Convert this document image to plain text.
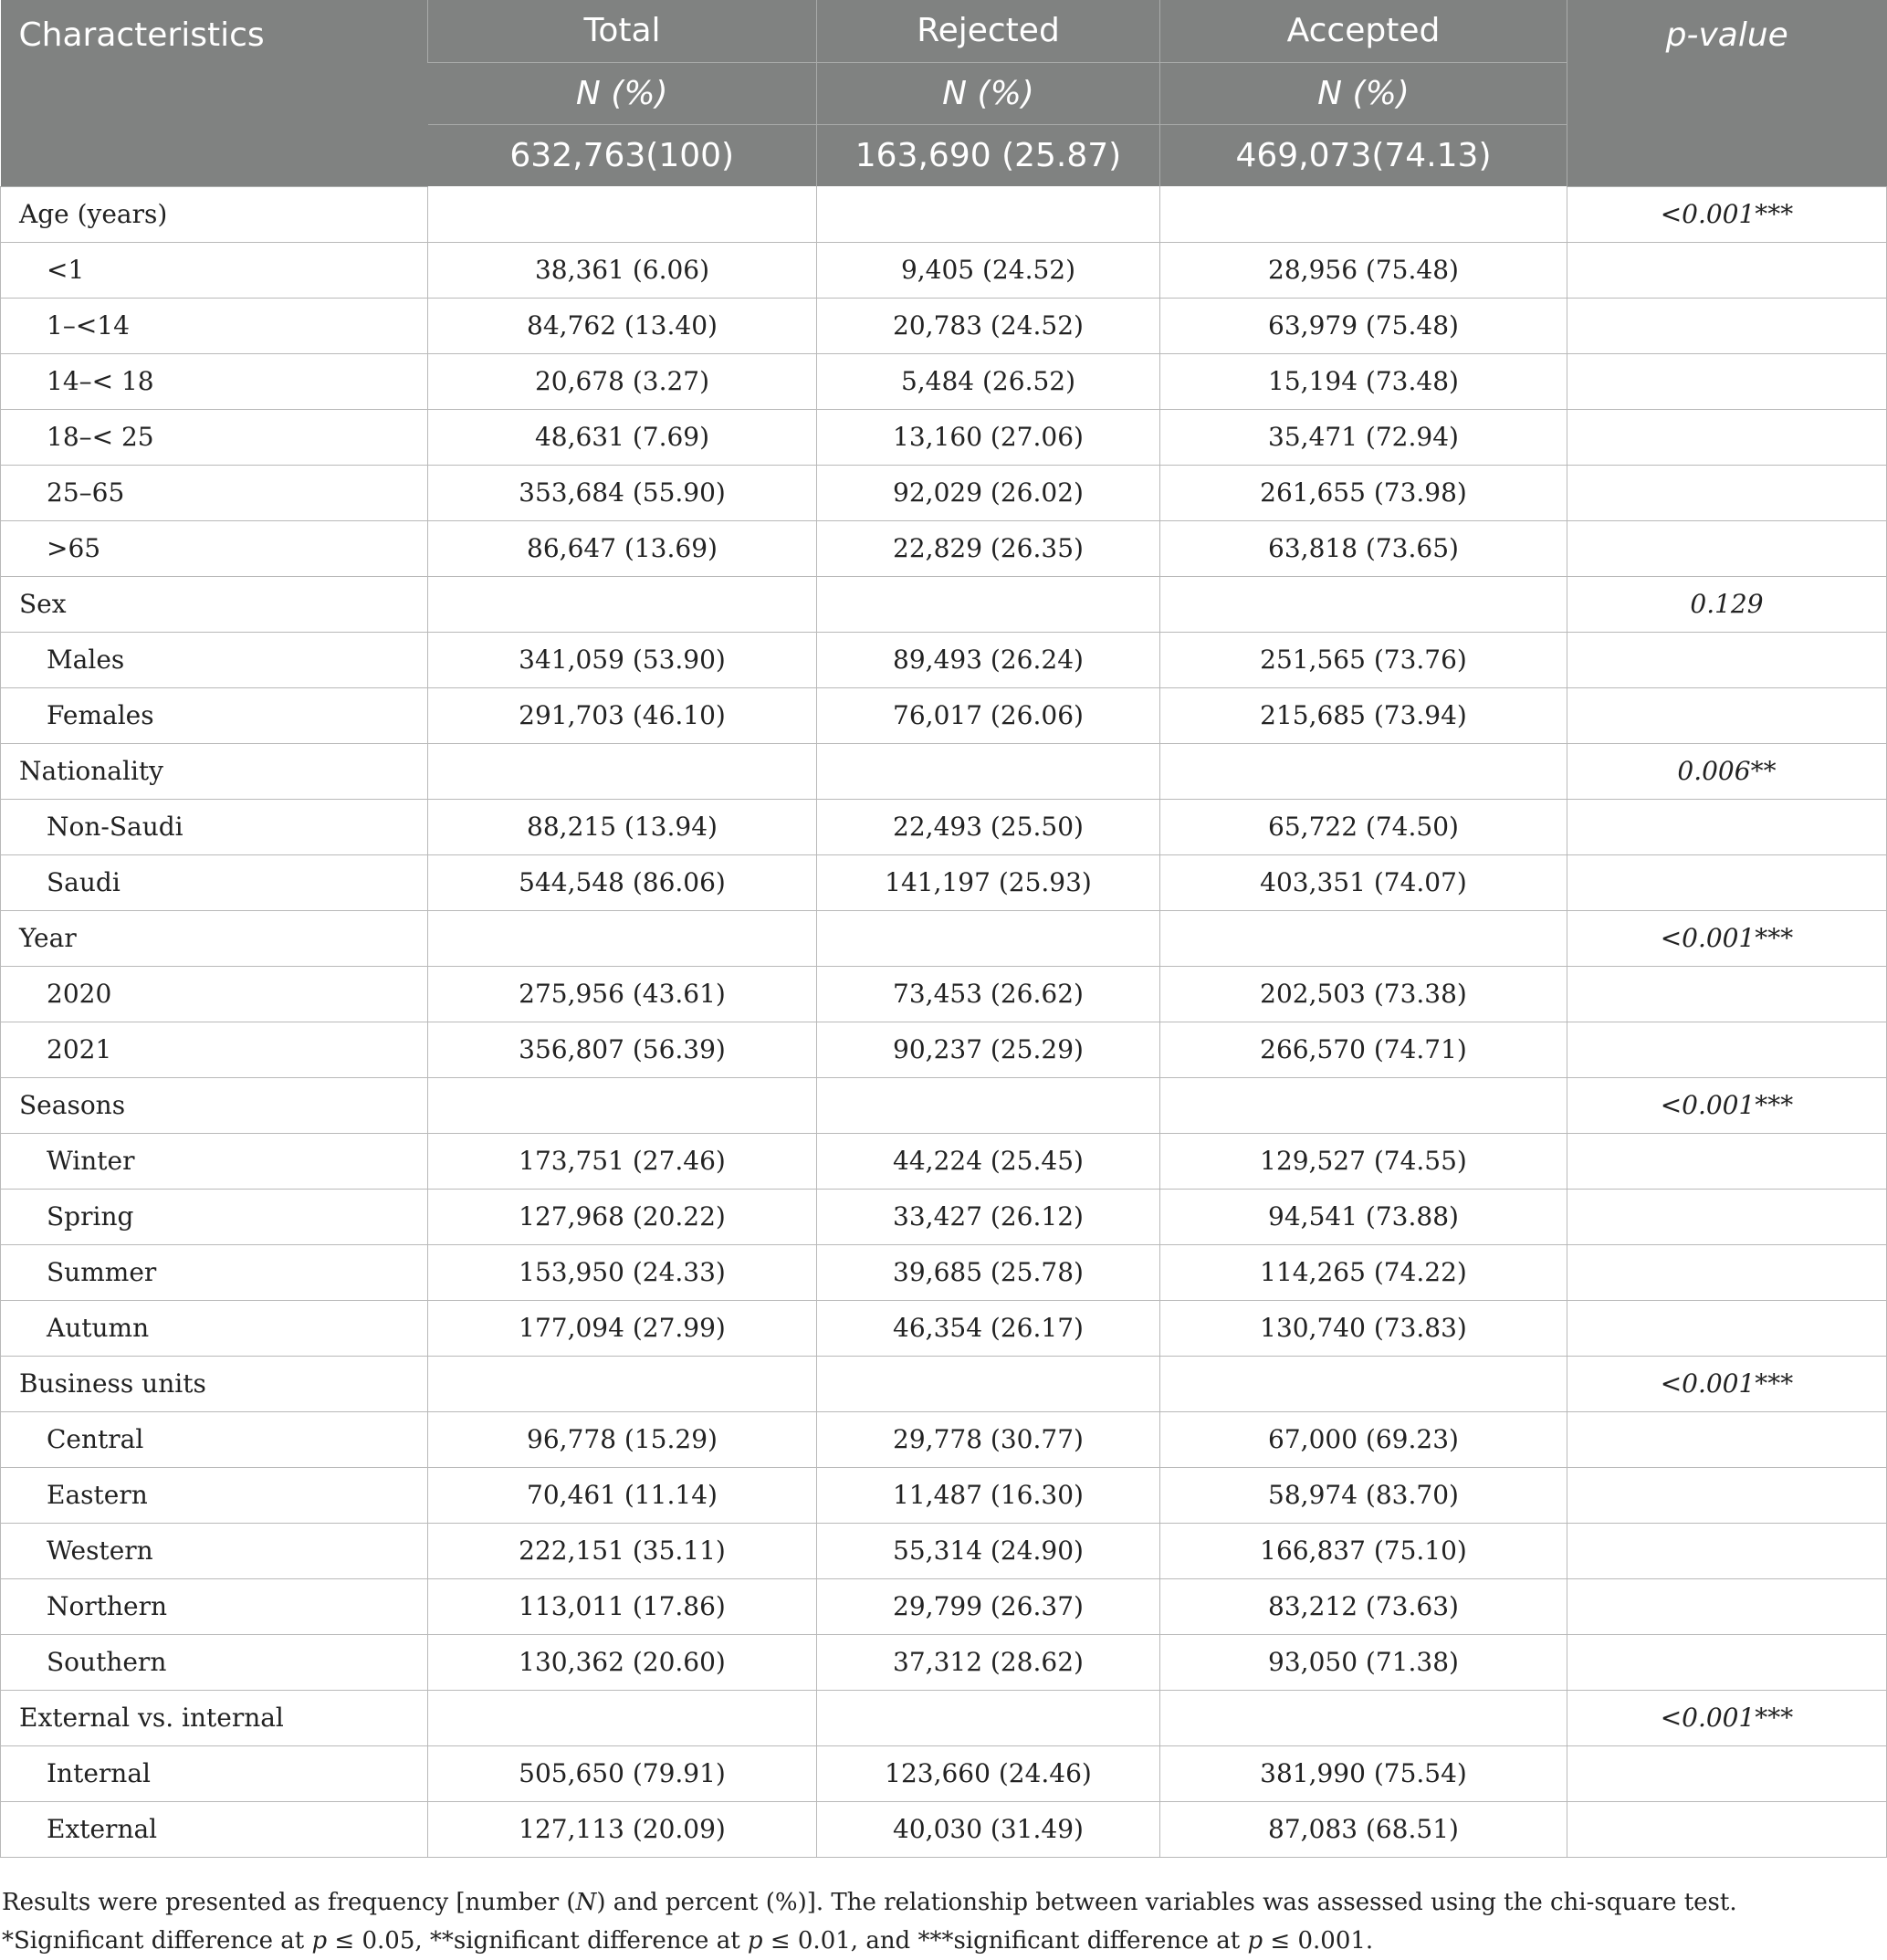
Characteristics	Total	Rejected	Accepted	p-value
	N (%)	N (%)	N (%)	
	632,763(100)	163,690 (25.87)	469,073(74.13)	
Age (years)				<0.001***
<1	38,361 (6.06)	9,405 (24.52)	28,956 (75.48)	
1–<14	84,762 (13.40)	20,783 (24.52)	63,979 (75.48)	
14–< 18	20,678 (3.27)	5,484 (26.52)	15,194 (73.48)	
18–< 25	48,631 (7.69)	13,160 (27.06)	35,471 (72.94)	
25–65	353,684 (55.90)	92,029 (26.02)	261,655 (73.98)	
>65	86,647 (13.69)	22,829 (26.35)	63,818 (73.65)	
Sex				0.129
Males	341,059 (53.90)	89,493 (26.24)	251,565 (73.76)	
Females	291,703 (46.10)	76,017 (26.06)	215,685 (73.94)	
Nationality				0.006**
Non-Saudi	88,215 (13.94)	22,493 (25.50)	65,722 (74.50)	
Saudi	544,548 (86.06)	141,197 (25.93)	403,351 (74.07)	
Year				<0.001***
2020	275,956 (43.61)	73,453 (26.62)	202,503 (73.38)	
2021	356,807 (56.39)	90,237 (25.29)	266,570 (74.71)	
Seasons				<0.001***
Winter	173,751 (27.46)	44,224 (25.45)	129,527 (74.55)	
Spring	127,968 (20.22)	33,427 (26.12)	94,541 (73.88)	
Summer	153,950 (24.33)	39,685 (25.78)	114,265 (74.22)	
Autumn	177,094 (27.99)	46,354 (26.17)	130,740 (73.83)	
Business units				<0.001***
Central	96,778 (15.29)	29,778 (30.77)	67,000 (69.23)	
Eastern	70,461 (11.14)	11,487 (16.30)	58,974 (83.70)	
Western	222,151 (35.11)	55,314 (24.90)	166,837 (75.10)	
Northern	113,011 (17.86)	29,799 (26.37)	83,212 (73.63)	
Southern	130,362 (20.60)	37,312 (28.62)	93,050 (71.38)	
External vs. internal				<0.001***
Internal	505,650 (79.91)	123,660 (24.46)	381,990 (75.54)	
External	127,113 (20.09)	40,030 (31.49)	87,083 (68.51)	
Results were presented as frequency [number (N) and percent (%)]. The relationship between variables was assessed using the chi-square test. *Significant difference at p ≤ 0.05, **significant difference at p ≤ 0.01, and ***significant difference at p ≤ 0.001.
